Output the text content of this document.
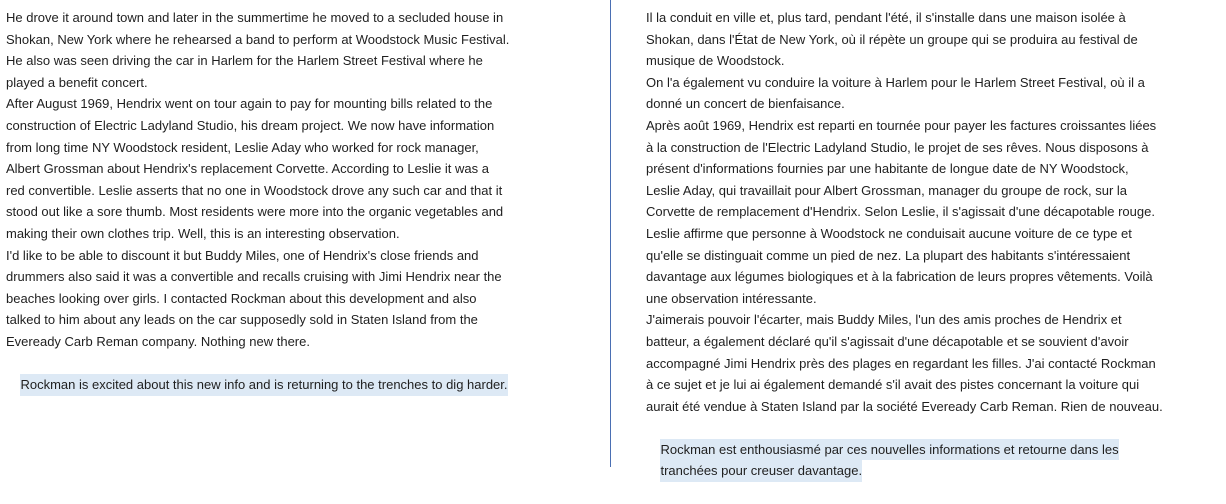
He drove it around town and later in the summertime he moved to a secluded house in
Shokan, New York where he rehearsed a band to perform at Woodstock Music Festival.
He also was seen driving the car in Harlem for the Harlem Street Festival where he
played a benefit concert.
After August 1969, Hendrix went on tour again to pay for mounting bills related to the
construction of Electric Ladyland Studio, his dream project. We now have information
from long time NY Woodstock resident, Leslie Aday who worked for rock manager,
Albert Grossman about Hendrix's replacement Corvette. According to Leslie it was a
red convertible. Leslie asserts that no one in Woodstock drove any such car and that it
stood out like a sore thumb. Most residents were more into the organic vegetables and
making their own clothes trip. Well, this is an interesting observation.
I'd like to be able to discount it but Buddy Miles, one of Hendrix's close friends and
drummers also said it was a convertible and recalls cruising with Jimi Hendrix near the
beaches looking over girls. I contacted Rockman about this development and also
talked to him about any leads on the car supposedly sold in Staten Island from the
Eveready Carb Reman company. Nothing new there.

Rockman is excited about this new info and is returning to the trenches to dig harder.

Il la conduit en ville et, plus tard, pendant l'été, il s'installe dans une maison isolée à
Shokan, dans l'État de New York, où il répète un groupe qui se produira au festival de
musique de Woodstock.
On l'a également vu conduire la voiture à Harlem pour le Harlem Street Festival, où il a
donné un concert de bienfaisance.
Après août 1969, Hendrix est reparti en tournée pour payer les factures croissantes liées
à la construction de l'Electric Ladyland Studio, le projet de ses rêves. Nous disposons à
présent d'informations fournies par une habitante de longue date de NY Woodstock,
Leslie Aday, qui travaillait pour Albert Grossman, manager du groupe de rock, sur la
Corvette de remplacement d'Hendrix. Selon Leslie, il s'agissait d'une décapotable rouge.
Leslie affirme que personne à Woodstock ne conduisait aucune voiture de ce type et
qu'elle se distinguait comme un pied de nez. La plupart des habitants s'intéressaient
davantage aux légumes biologiques et à la fabrication de leurs propres vêtements. Voilà
une observation intéressante.
J'aimerais pouvoir l'écarter, mais Buddy Miles, l'un des amis proches de Hendrix et
batteur, a également déclaré qu'il s'agissait d'une décapotable et se souvient d'avoir
accompagné Jimi Hendrix près des plages en regardant les filles. J'ai contacté Rockman
à ce sujet et je lui ai également demandé s'il avait des pistes concernant la voiture qui
aurait été vendue à Staten Island par la société Eveready Carb Reman. Rien de nouveau.

Rockman est enthousiasmé par ces nouvelles informations et retourne dans les

tranchées pour creuser davantage.
